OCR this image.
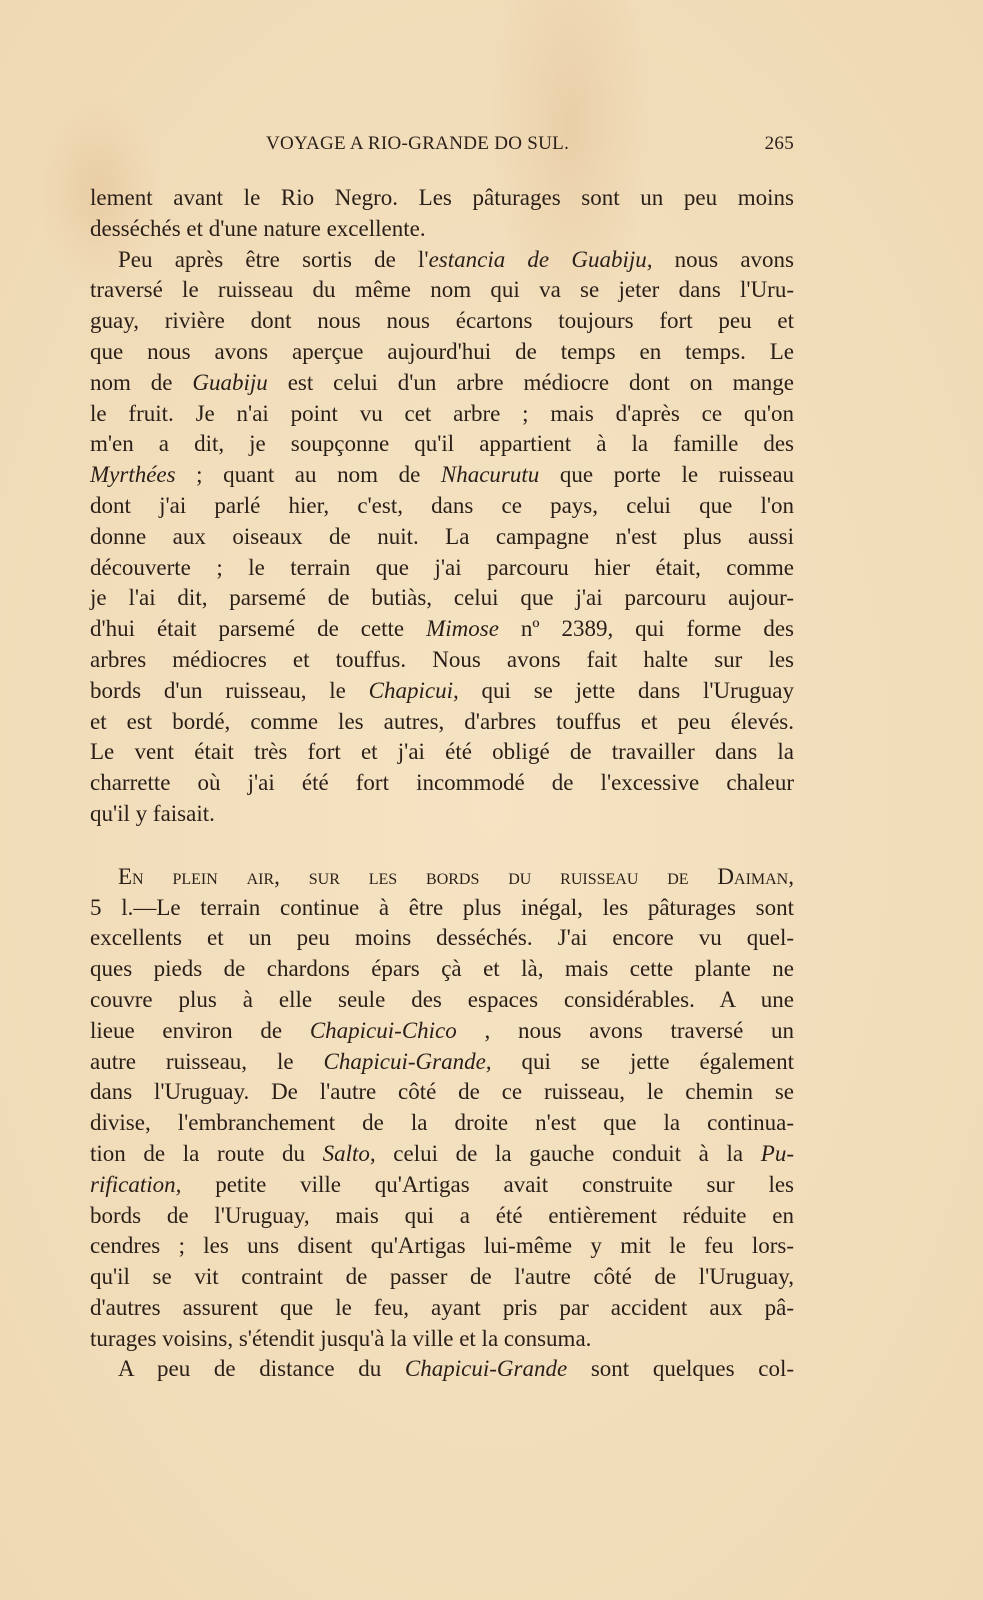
VOYAGE A RIO-GRANDE DO SUL.	265
lement avant le Rio Negro. Les pâturages sont un peu moins
desséchés et d'une nature excellente.
Peu après être sortis de l'estancia de Guabiju, nous avons
traversé le ruisseau du même nom qui va se jeter dans l'Uru-
guay, rivière dont nous nous écartons toujours fort peu et
que nous avons aperçue aujourd'hui de temps en temps. Le
nom de Guabiju est celui d'un arbre médiocre dont on mange
le fruit. Je n'ai point vu cet arbre ; mais d'après ce qu'on
m'en a dit, je soupçonne qu'il appartient à la famille des
Myrthées ; quant au nom de Nhacurutu que porte le ruisseau
dont j'ai parlé hier, c'est, dans ce pays, celui que l'on
donne aux oiseaux de nuit. La campagne n'est plus aussi
découverte ; le terrain que j'ai parcouru hier était, comme
je l'ai dit, parsemé de butiàs, celui que j'ai parcouru aujour-
d'hui était parsemé de cette Mimose nº 2389, qui forme des
arbres médiocres et touffus. Nous avons fait halte sur les
bords d'un ruisseau, le Chapicui, qui se jette dans l'Uruguay
et est bordé, comme les autres, d'arbres touffus et peu élevés.
Le vent était très fort et j'ai été obligé de travailler dans la
charrette où j'ai été fort incommodé de l'excessive chaleur
qu'il y faisait.
En plein air, sur les bords du ruisseau de Daiman,
5 l.—Le terrain continue à être plus inégal, les pâturages sont
excellents et un peu moins desséchés. J'ai encore vu quel-
ques pieds de chardons épars çà et là, mais cette plante ne
couvre plus à elle seule des espaces considérables. A une
lieue environ de Chapicui-Chico , nous avons traversé un
autre ruisseau, le Chapicui-Grande, qui se jette également
dans l'Uruguay. De l'autre côté de ce ruisseau, le chemin se
divise, l'embranchement de la droite n'est que la continua-
tion de la route du Salto, celui de la gauche conduit à la Pu-
rification, petite ville qu'Artigas avait construite sur les
bords de l'Uruguay, mais qui a été entièrement réduite en
cendres ; les uns disent qu'Artigas lui-même y mit le feu lors-
qu'il se vit contraint de passer de l'autre côté de l'Uruguay,
d'autres assurent que le feu, ayant pris par accident aux pâ-
turages voisins, s'étendit jusqu'à la ville et la consuma.
A peu de distance du Chapicui-Grande sont quelques col-
